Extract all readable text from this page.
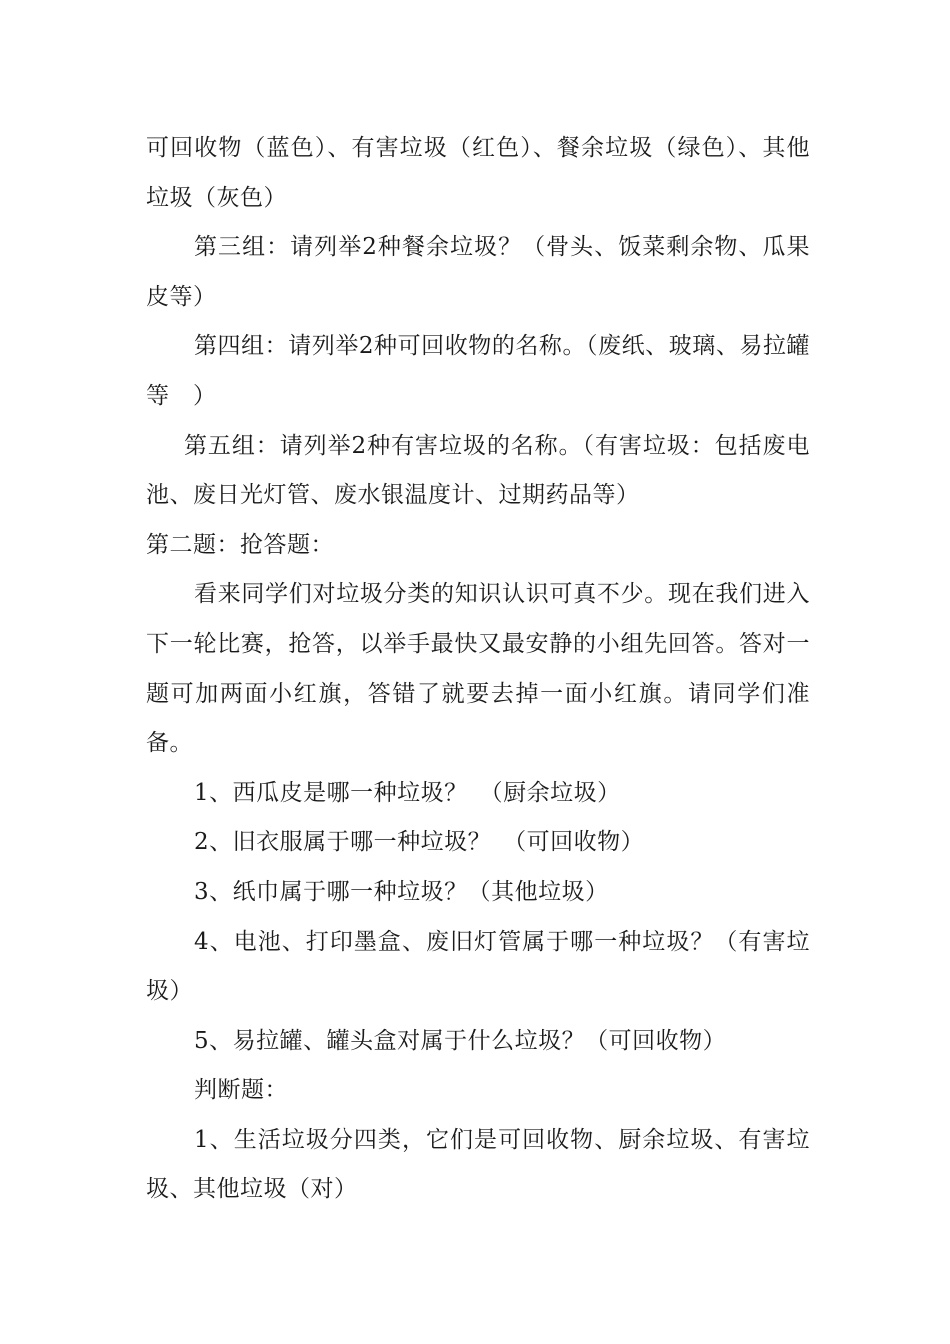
可回收物（蓝色）、有害垃圾（红色）、餐余垃圾（绿色）、其他垃圾（灰色）

第三组：请列举2种餐余垃圾？（骨头、饭菜剩余物、瓜果皮等）

第四组：请列举2种可回收物的名称。（废纸、玻璃、易拉罐等　）

第五组：请列举2种有害垃圾的名称。（有害垃圾：包括废电池、废日光灯管、废水银温度计、过期药品等）

第二题：抢答题：

看来同学们对垃圾分类的知识认识可真不少。现在我们进入下一轮比赛，抢答，以举手最快又最安静的小组先回答。答对一题可加两面小红旗，答错了就要去掉一面小红旗。请同学们准备。

1、西瓜皮是哪一种垃圾？　（厨余垃圾）

2、旧衣服属于哪一种垃圾？　（可回收物）

3、纸巾属于哪一种垃圾？（其他垃圾）

4、电池、打印墨盒、废旧灯管属于哪一种垃圾？（有害垃圾）

5、易拉罐、罐头盒对属于什么垃圾？（可回收物）

判断题：

1、生活垃圾分四类，它们是可回收物、厨余垃圾、有害垃圾、其他垃圾（对）
